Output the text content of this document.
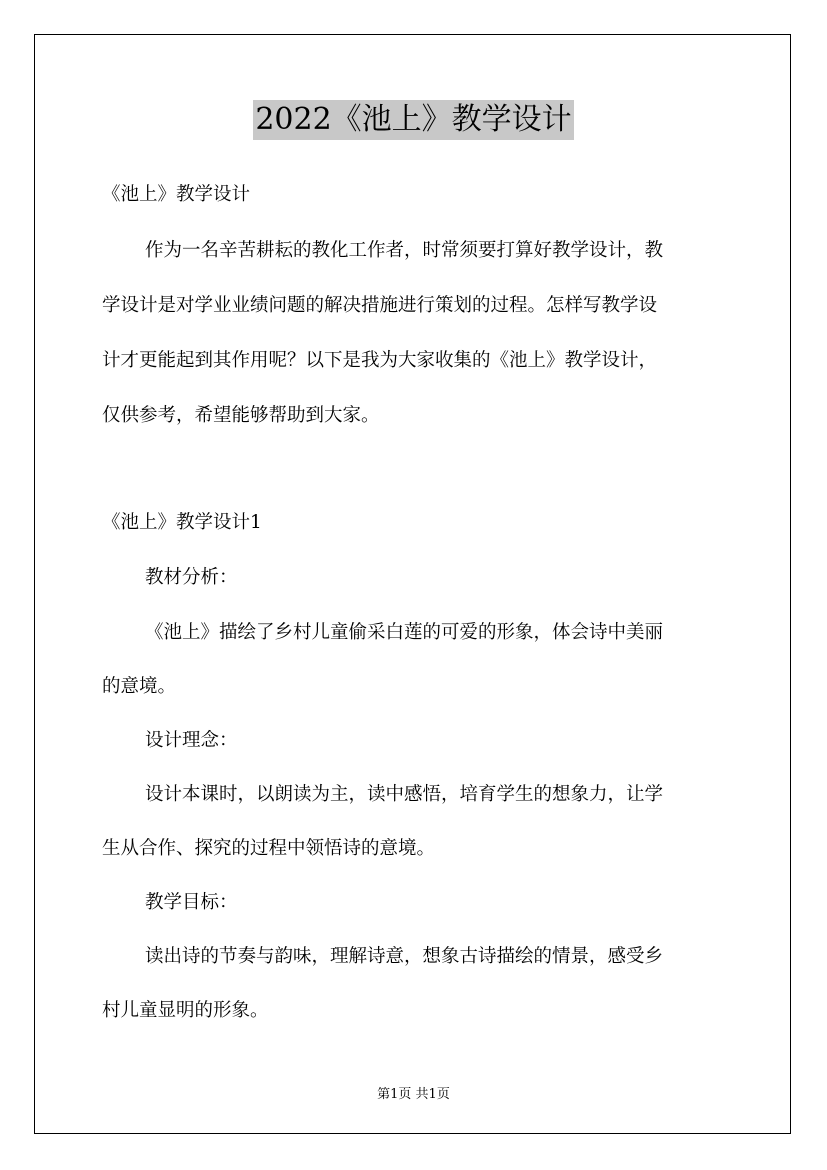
2022《池上》教学设计
《池上》教学设计
作为一名辛苦耕耘的教化工作者，时常须要打算好教学设计，教
学设计是对学业业绩问题的解决措施进行策划的过程。怎样写教学设
计才更能起到其作用呢？以下是我为大家收集的《池上》教学设计，
仅供参考，希望能够帮助到大家。
《池上》教学设计1
教材分析：
《池上》描绘了乡村儿童偷采白莲的可爱的形象，体会诗中美丽
的意境。
设计理念：
设计本课时，以朗读为主，读中感悟，培育学生的想象力，让学
生从合作、探究的过程中领悟诗的意境。
教学目标：
读出诗的节奏与韵味，理解诗意，想象古诗描绘的情景，感受乡
村儿童显明的形象。
第1页 共1页
